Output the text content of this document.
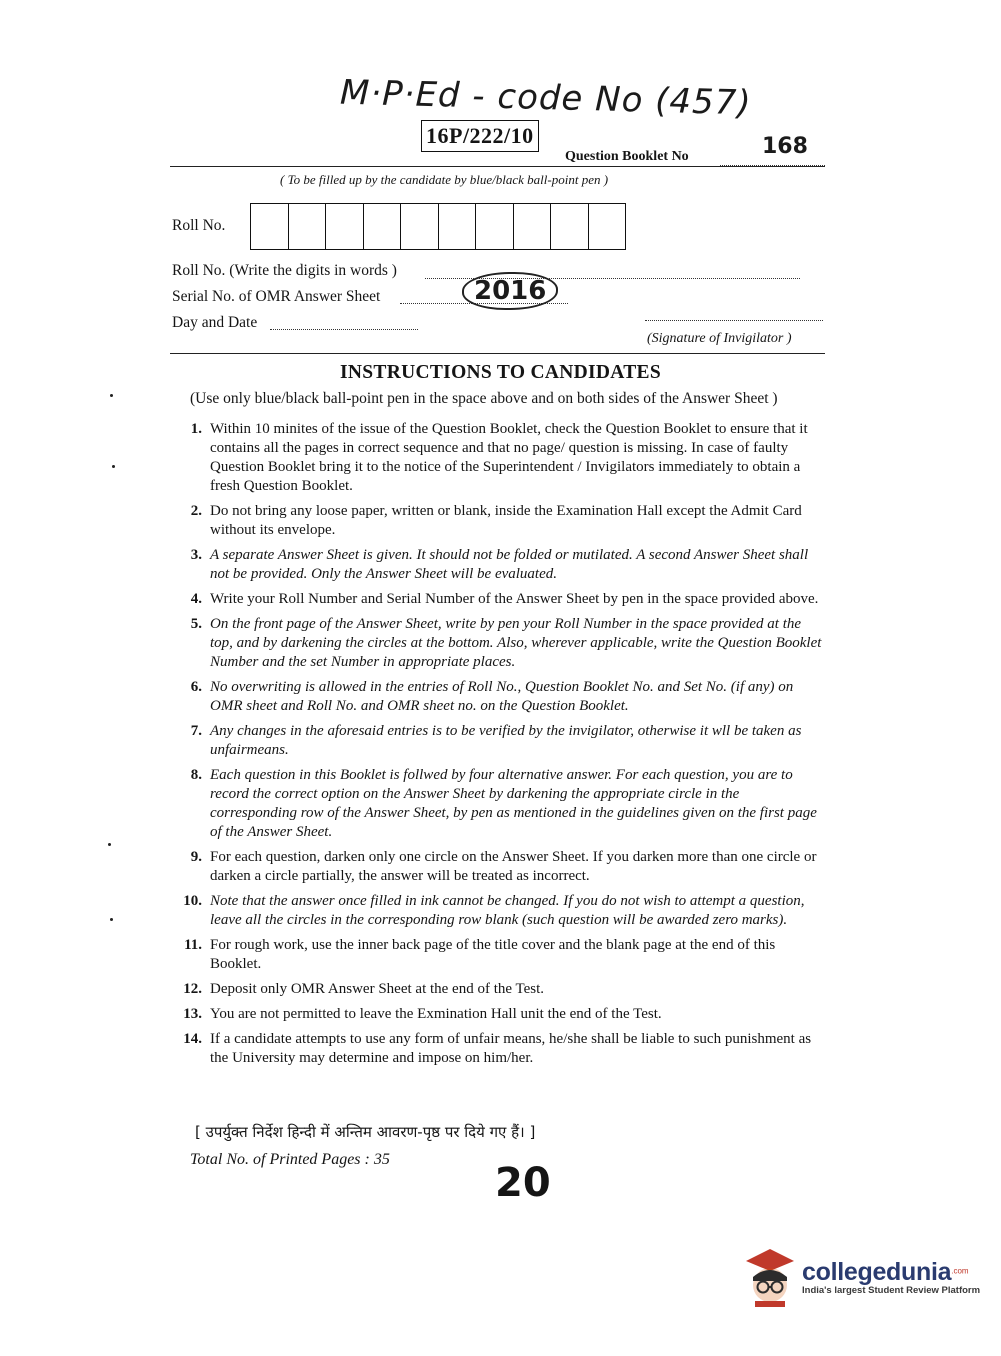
M·P·Ed - code No (457)
16P/222/10
Question Booklet No	168
( To be filled up by the candidate by blue/black ball-point pen )
Roll No.
Roll No. (Write the digits in words )
Serial No. of OMR Answer Sheet	2016
Day and Date
(Signature of Invigilator )
INSTRUCTIONS TO CANDIDATES
(Use only blue/black ball-point pen in the space above and on both sides of the Answer Sheet )
1. Within 10 minites of the issue of the Question Booklet, check the Question Booklet to ensure that it contains all the pages in correct sequence and that no page/ question is missing. In case of faulty Question Booklet bring it to the notice of the Superintendent / Invigilators immediately to obtain a fresh Question Booklet.
2. Do not bring any loose paper, written or blank, inside the Examination Hall except the Admit Card without its envelope.
3. A separate Answer Sheet is given. It should not be folded or mutilated. A second Answer Sheet shall not be provided. Only the Answer Sheet will be evaluated.
4. Write your Roll Number and Serial Number of the Answer Sheet by pen in the space provided above.
5. On the front page of the Answer Sheet, write by pen your Roll Number in the space provided at the top, and by darkening the circles at the bottom. Also, wherever applicable, write the Question Booklet Number and the set Number in appropriate places.
6. No overwriting is allowed in the entries of Roll No., Question Booklet No. and Set No. (if any) on OMR sheet and Roll No. and OMR sheet no. on the Question Booklet.
7. Any changes in the aforesaid entries is to be verified by the invigilator, otherwise it wll be taken as unfairmeans.
8. Each question in this Booklet is follwed by four alternative answer. For each question, you are to record the correct option on the Answer Sheet by darkening the appropriate circle in the corresponding row of the Answer Sheet, by pen as mentioned in the guidelines given on the first page of the Answer Sheet.
9. For each question, darken only one circle on the Answer Sheet. If you darken more than one circle or darken a circle partially, the answer will be treated as incorrect.
10. Note that the answer once filled in ink cannot be changed. If you do not wish to attempt a question, leave all the circles in the corresponding row blank (such question will be awarded zero marks).
11. For rough work, use the inner back page of the title cover and the blank page at the end of this Booklet.
12. Deposit only OMR Answer Sheet at the end of the Test.
13. You are not permitted to leave the Exmination Hall unit the end of the Test.
14. If a candidate attempts to use any form of unfair means, he/she shall be liable to such punishment as the University may determine and impose on him/her.
[ उपर्युक्त निर्देश हिन्दी में अन्तिम आवरण-पृष्ठ पर दिये गए हैं। ]
Total No. of Printed Pages : 35
20
collegedunia$^{.com}$
India's largest Student Review Platform
